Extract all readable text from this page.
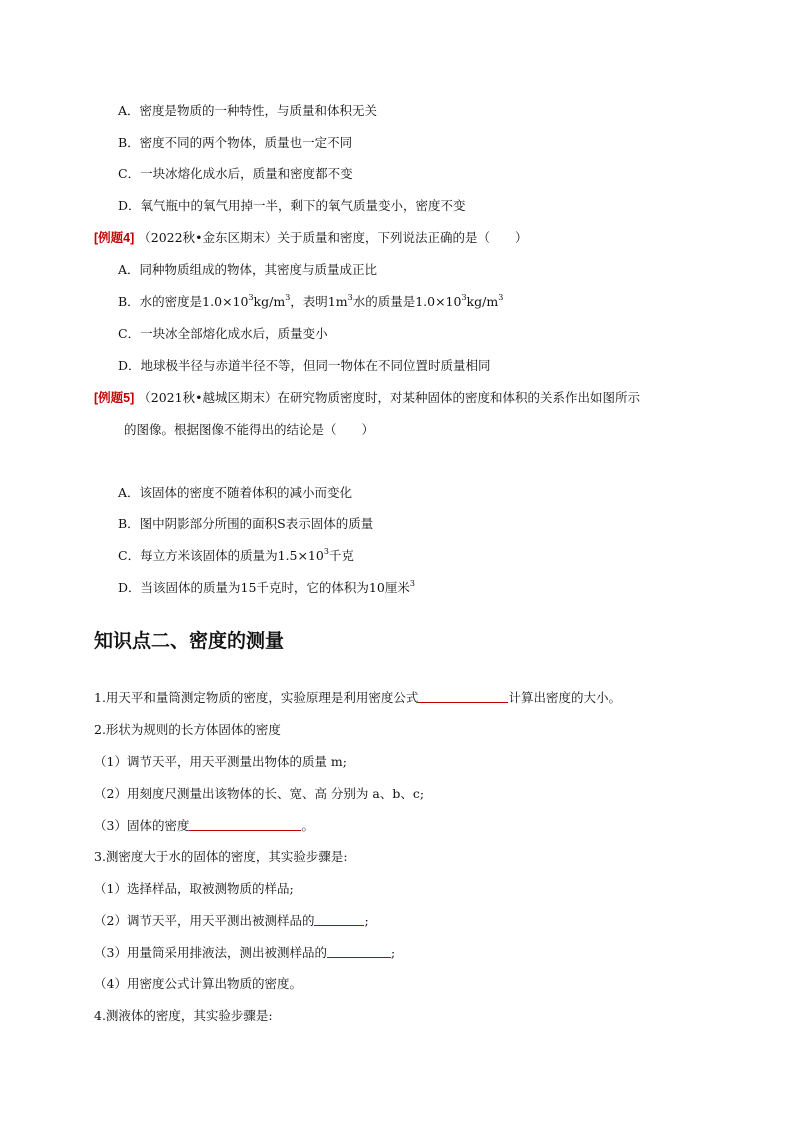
A．密度是物质的一种特性，与质量和体积无关
B．密度不同的两个物体，质量也一定不同
C．一块冰熔化成水后，质量和密度都不变
D．氧气瓶中的氧气用掉一半，剩下的氧气质量变小，密度不变
[例题4] （2022秋•金东区期末）关于质量和密度，下列说法正确的是（　　）
A．同种物质组成的物体，其密度与质量成正比
B．水的密度是$1.0\times 10^3kg/m^3$，表明$1m^3$水的质量是$1.0\times 10^3kg/m^3$
C．一块冰全部熔化成水后，质量变小
D．地球极半径与赤道半径不等，但同一物体在不同位置时质量相同
[例题5] （2021秋•越城区期末）在研究物质密度时，对某种固体的密度和体积的关系作出如图所示
的图像。根据图像不能得出的结论是（　　）
A．该固体的密度不随着体积的减小而变化
B．图中阴影部分所围的面积S表示固体的质量
C．每立方米该固体的质量为$1.5\times 10^3$千克
D．当该固体的质量为15千克时，它的体积为10厘米$^3$
知识点二、密度的测量
1.用天平和量筒测定物质的密度，实验原理是利用密度公式	计算出密度的大小。
2.形状为规则的长方体固体的密度
（1）调节天平，用天平测量出物体的质量 m;
（2）用刻度尺测量出该物体的长、宽、高 分别为 a、b、c;
（3）固体的密度	。
3.测密度大于水的固体的密度，其实验步骤是:
（1）选择样品，取被测物质的样品;
（2）调节天平，用天平测出被测样品的	;
（3）用量筒采用排液法，测出被测样品的	;
（4）用密度公式计算出物质的密度。
4.测液体的密度，其实验步骤是:
